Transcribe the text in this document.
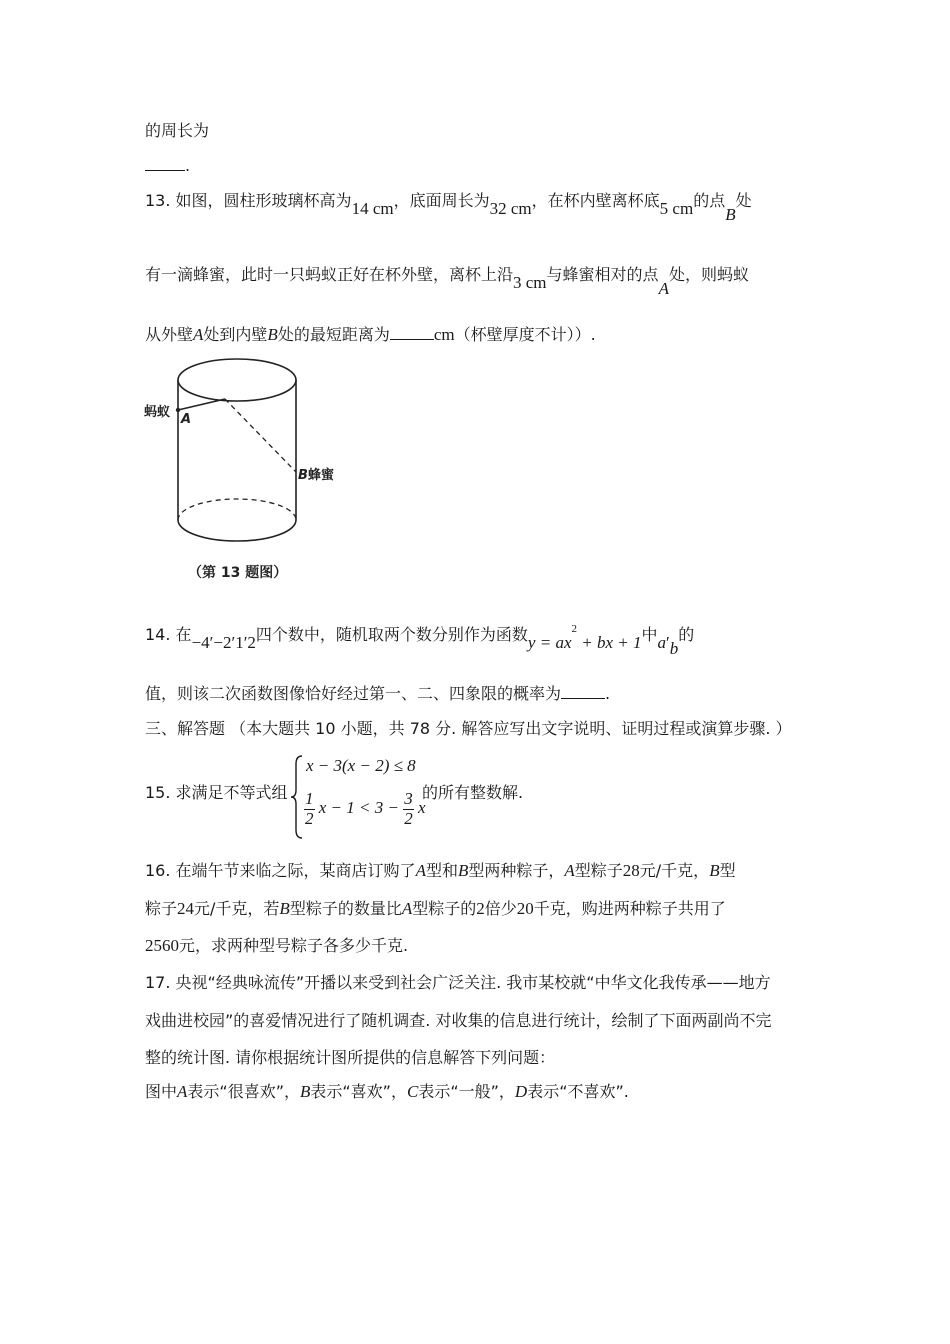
的周长为
.
13. 如图，圆柱形玻璃杯高为14 cm，底面周长为32 cm，在杯内壁离杯底5 cm的点B处
有一滴蜂蜜，此时一只蚂蚁正好在杯外壁，离杯上沿3 cm与蜂蜜相对的点A处，则蚂蚁
从外壁A处到内壁B处的最短距离为	cm（杯壁厚度不计））.
蚂蚁 A
B 蜂蜜
（第 13 题图）
14. 在−4′−2′1′2四个数中，随机取两个数分别作为函数$y = ax^2$ + bx + 1中a′b的
值，则该二次函数图像恰好经过第一、二、四象限的概率为	.
三、解答题 （本大题共 10 小题，共 78 分. 解答应写出文字说明、证明过程或演算步骤. ）
15. 求满足不等式组
x − 3(x − 2) ≤ 8
$\frac{1}{2}$ $x - 1 < 3 - \frac{3}{2}$ x
的所有整数解.
16. 在端午节来临之际，某商店订购了A型和B型两种粽子，A型粽子28元/千克，B型
粽子24元/千克，若B型粽子的数量比A型粽子的2倍少20千克，购进两种粽子共用了
2560元，求两种型号粽子各多少千克.
17. 央视“经典咏流传”开播以来受到社会广泛关注. 我市某校就“中华文化我传承——地方
戏曲进校园”的喜爱情况进行了随机调查. 对收集的信息进行统计，绘制了下面两副尚不完
整的统计图. 请你根据统计图所提供的信息解答下列问题：
图中A表示“很喜欢”，B表示“喜欢”，C表示“一般”，D表示“不喜欢”.
